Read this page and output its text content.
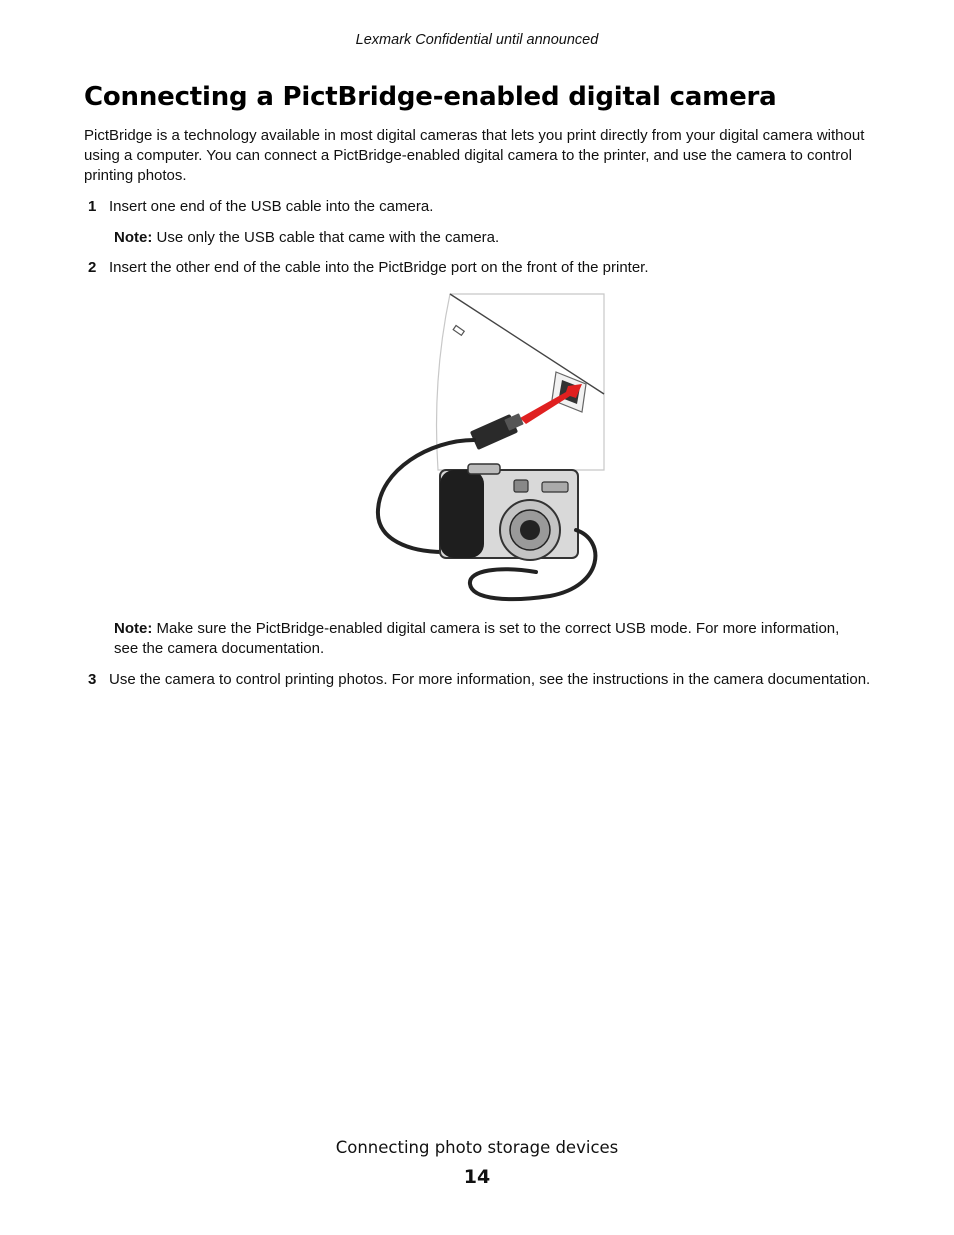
Lexmark Confidential until announced
Connecting a PictBridge-enabled digital camera

PictBridge is a technology available in most digital cameras that lets you print directly from your digital camera without using a computer. You can connect a PictBridge-enabled digital camera to the printer, and use the camera to control printing photos.

1 Insert one end of the USB cable into the camera.

Note: Use only the USB cable that came with the camera.

2 Insert the other end of the cable into the PictBridge port on the front of the printer.

Note: Make sure the PictBridge-enabled digital camera is set to the correct USB mode. For more information, see the camera documentation.

3 Use the camera to control printing photos. For more information, see the instructions in the camera documentation.
Connecting photo storage devices
14
